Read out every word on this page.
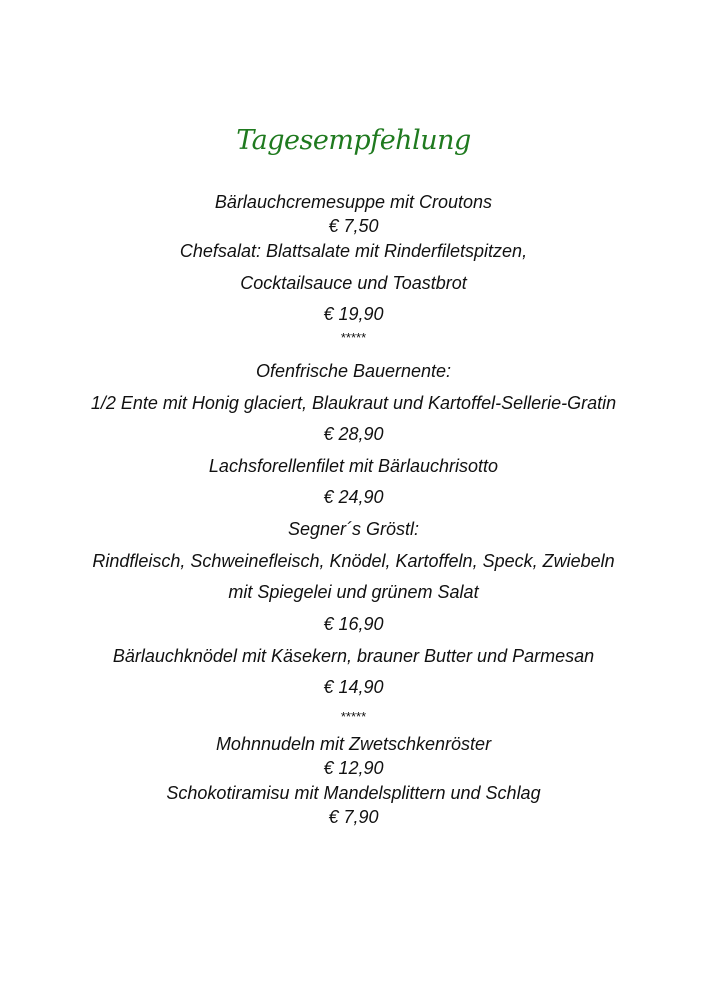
Tagesempfehlung
Bärlauchcremesuppe mit Croutons
€ 7,50
Chefsalat: Blattsalate mit Rinderfiletspitzen,
Cocktailsauce und Toastbrot
€ 19,90
*****
Ofenfrische Bauernente:
1/2 Ente mit Honig glaciert, Blaukraut und Kartoffel-Sellerie-Gratin
€ 28,90
Lachsforellenfilet mit Bärlauchrisotto
€ 24,90
Segner´s Gröstl:
Rindfleisch, Schweinefleisch, Knödel, Kartoffeln, Speck, Zwiebeln
mit Spiegelei und grünem Salat
€ 16,90
Bärlauchknödel mit Käsekern, brauner Butter und Parmesan
€ 14,90
*****
Mohnnudeln mit Zwetschkenröster
€ 12,90
Schokotiramisu mit Mandelsplittern und Schlag
€ 7,90
